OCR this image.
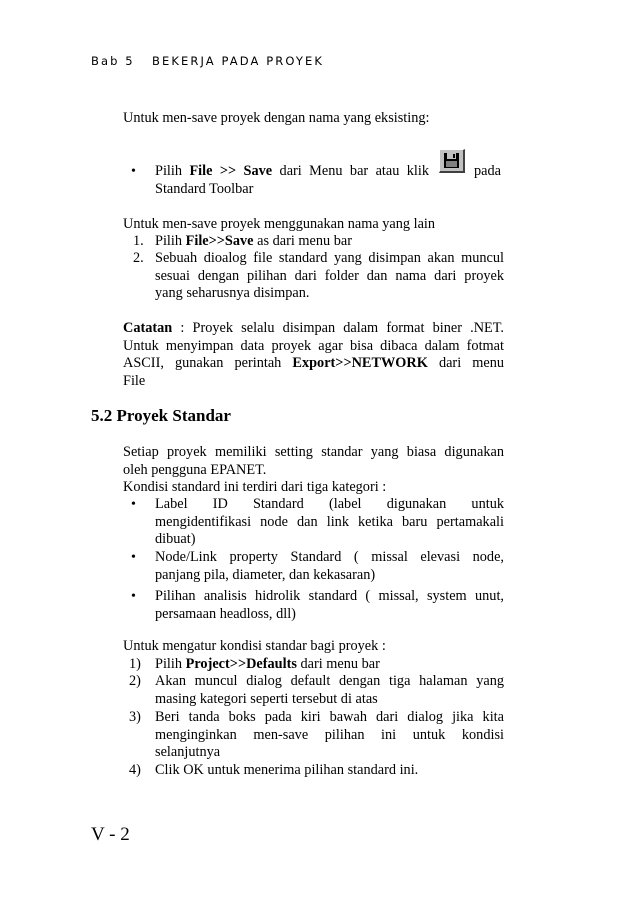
Bab 5 BEKERJA PADA PROYEK
Untuk men-save proyek dengan nama yang eksisting:
• Pilih File >> Save dari Menu bar atau klik	pada
Standard Toolbar
Untuk men-save proyek menggunakan nama yang lain
1. Pilih File>>Save as dari menu bar
2. Sebuah dioalog file standard yang disimpan akan muncul
sesuai dengan pilihan dari folder dan nama dari proyek
yang seharusnya disimpan.
Catatan : Proyek selalu disimpan dalam format biner .NET.
Untuk menyimpan data proyek agar bisa dibaca dalam fotmat
ASCII, gunakan perintah Export>>NETWORK dari menu
File
5.2 Proyek Standar
Setiap proyek memiliki setting standar yang biasa digunakan
oleh pengguna EPANET.
Kondisi standard ini terdiri dari tiga kategori :
• Label ID Standard (label digunakan untuk
mengidentifikasi node dan link ketika baru pertamakali
dibuat)
• Node/Link property Standard ( missal elevasi node,
panjang pila, diameter, dan kekasaran)
• Pilihan analisis hidrolik standard ( missal, system unut,
persamaan headloss, dll)
Untuk mengatur kondisi standar bagi proyek :
1) Pilih Project>>Defaults dari menu bar
2) Akan muncul dialog default dengan tiga halaman yang
masing kategori seperti tersebut di atas
3) Beri tanda boks pada kiri bawah dari dialog jika kita
menginginkan men-save pilihan ini untuk kondisi
selanjutnya
4) Clik OK untuk menerima pilihan standard ini.
V - 2
